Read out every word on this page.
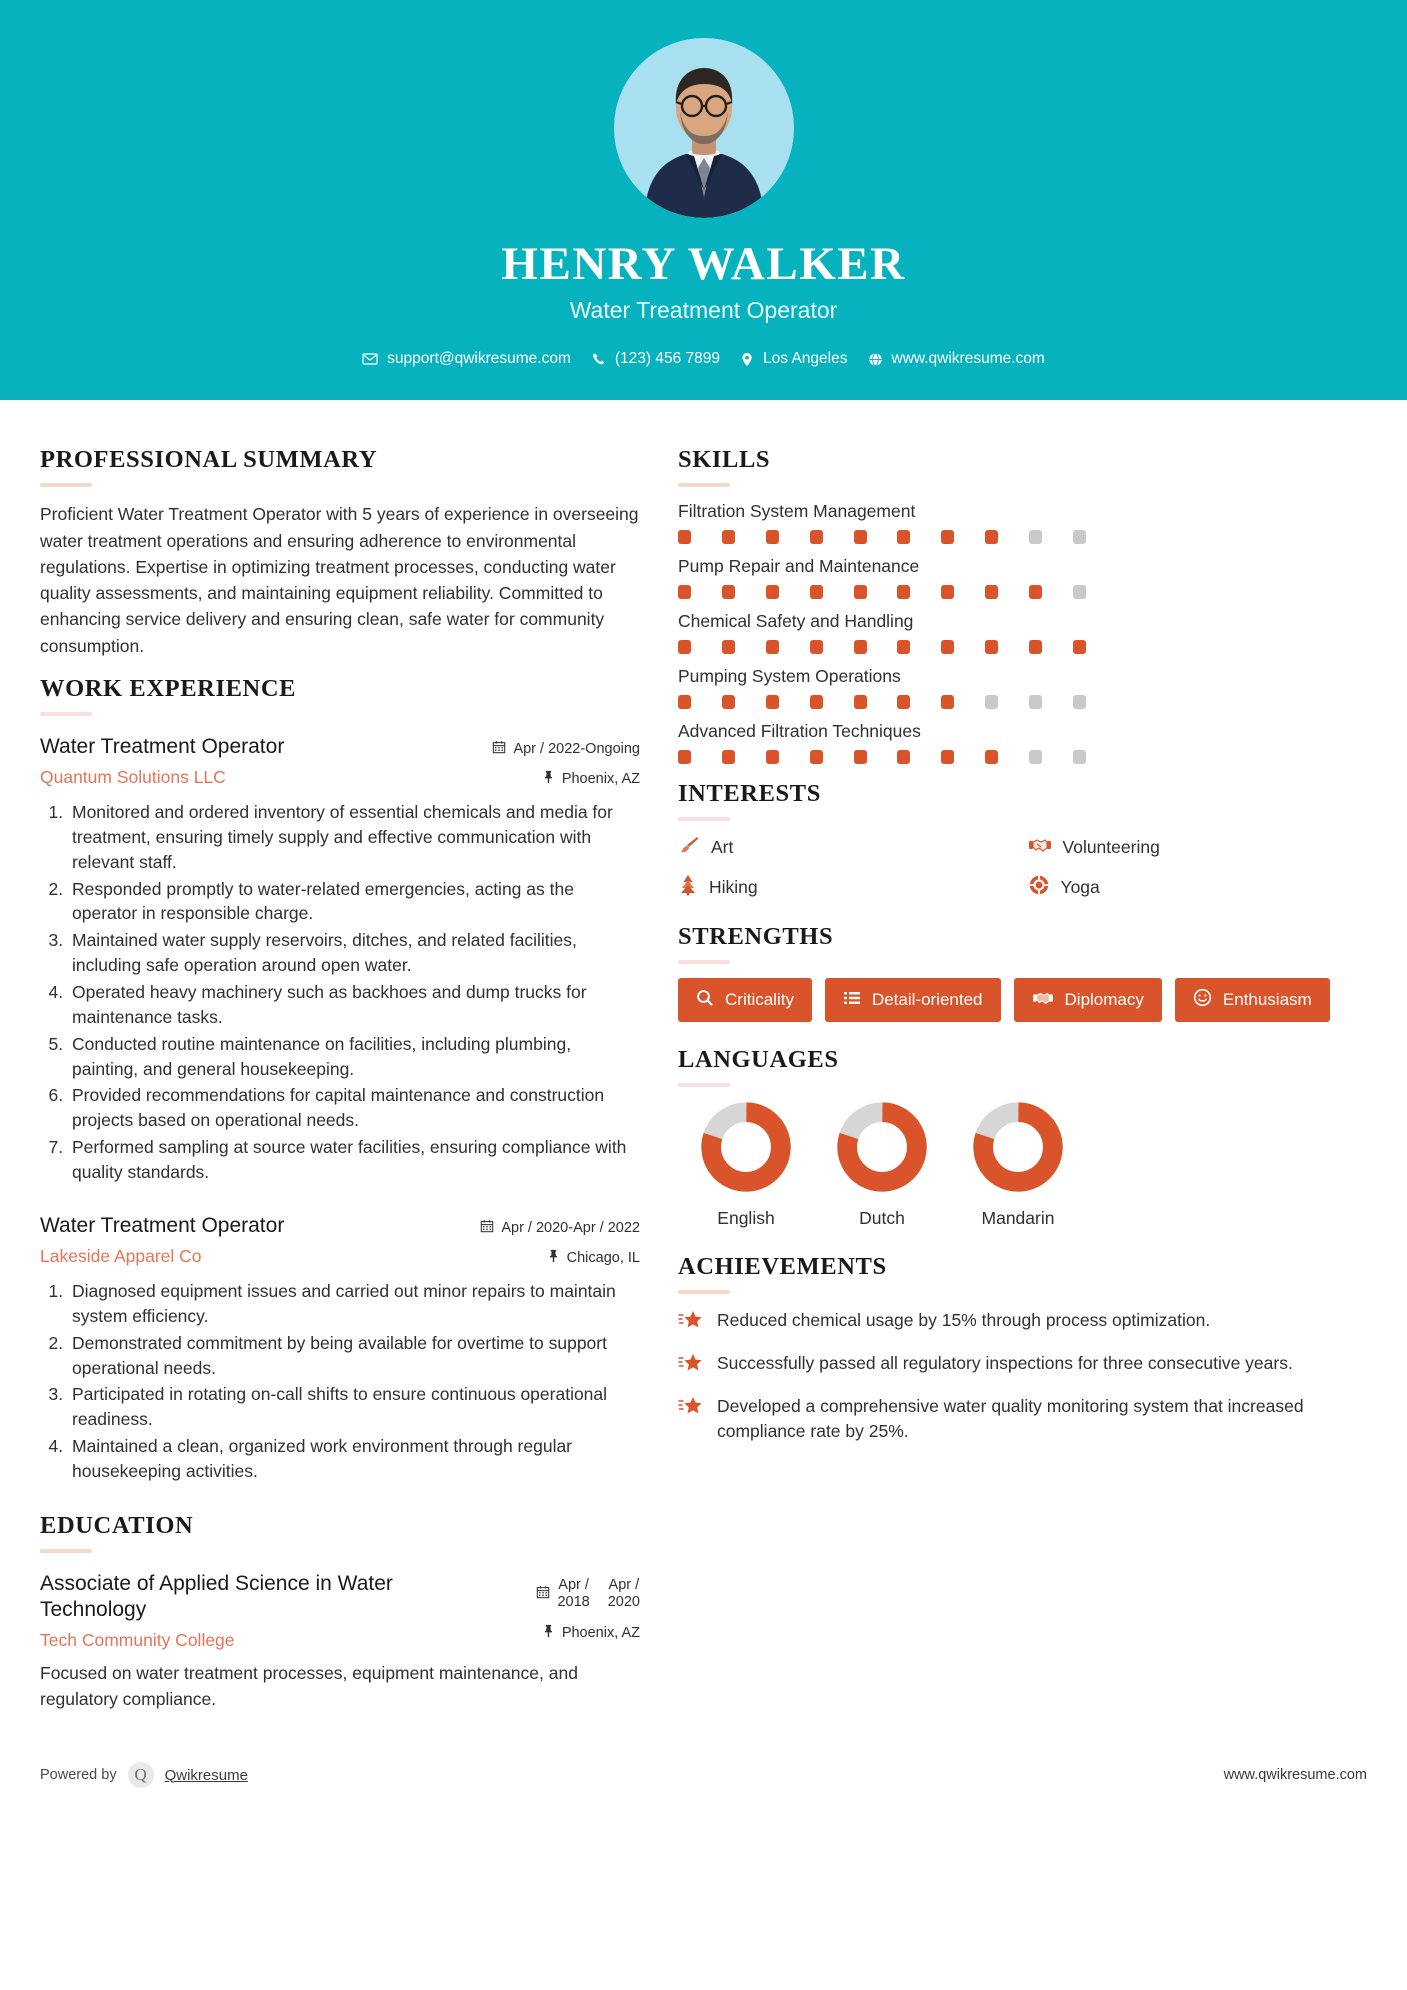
HENRY WALKER
Water Treatment Operator
support@qwikresume.com	(123) 456 7899	Los Angeles	www.qwikresume.com
PROFESSIONAL SUMMARY
Proficient Water Treatment Operator with 5 years of experience in overseeing water treatment operations and ensuring adherence to environmental regulations. Expertise in optimizing treatment processes, conducting water quality assessments, and maintaining equipment reliability. Committed to enhancing service delivery and ensuring clean, safe water for community consumption.
WORK EXPERIENCE
Water Treatment Operator
Quantum Solutions LLC
Apr / 2022-Ongoing
Phoenix, AZ
1. Monitored and ordered inventory of essential chemicals and media for treatment, ensuring timely supply and effective communication with relevant staff.
2. Responded promptly to water-related emergencies, acting as the operator in responsible charge.
3. Maintained water supply reservoirs, ditches, and related facilities, including safe operation around open water.
4. Operated heavy machinery such as backhoes and dump trucks for maintenance tasks.
5. Conducted routine maintenance on facilities, including plumbing, painting, and general housekeeping.
6. Provided recommendations for capital maintenance and construction projects based on operational needs.
7. Performed sampling at source water facilities, ensuring compliance with quality standards.
Water Treatment Operator
Lakeside Apparel Co
Apr / 2020-Apr / 2022
Chicago, IL
1. Diagnosed equipment issues and carried out minor repairs to maintain system efficiency.
2. Demonstrated commitment by being available for overtime to support operational needs.
3. Participated in rotating on-call shifts to ensure continuous operational readiness.
4. Maintained a clean, organized work environment through regular housekeeping activities.
EDUCATION
Associate of Applied Science in Water Technology
Tech Community College
Apr /
2018
Apr /
2020
Phoenix, AZ
Focused on water treatment processes, equipment maintenance, and regulatory compliance.
SKILLS
Filtration System Management
Pump Repair and Maintenance
Chemical Safety and Handling
Pumping System Operations
Advanced Filtration Techniques
INTERESTS
Art	Volunteering
Hiking	Yoga
STRENGTHS
Criticality	Detail-oriented	Diplomacy	Enthusiasm
LANGUAGES
English	Dutch	Mandarin
ACHIEVEMENTS
Reduced chemical usage by 15% through process optimization.
Successfully passed all regulatory inspections for three consecutive years.
Developed a comprehensive water quality monitoring system that increased compliance rate by 25%.
Powered by	Q	Qwikresume	www.qwikresume.com
